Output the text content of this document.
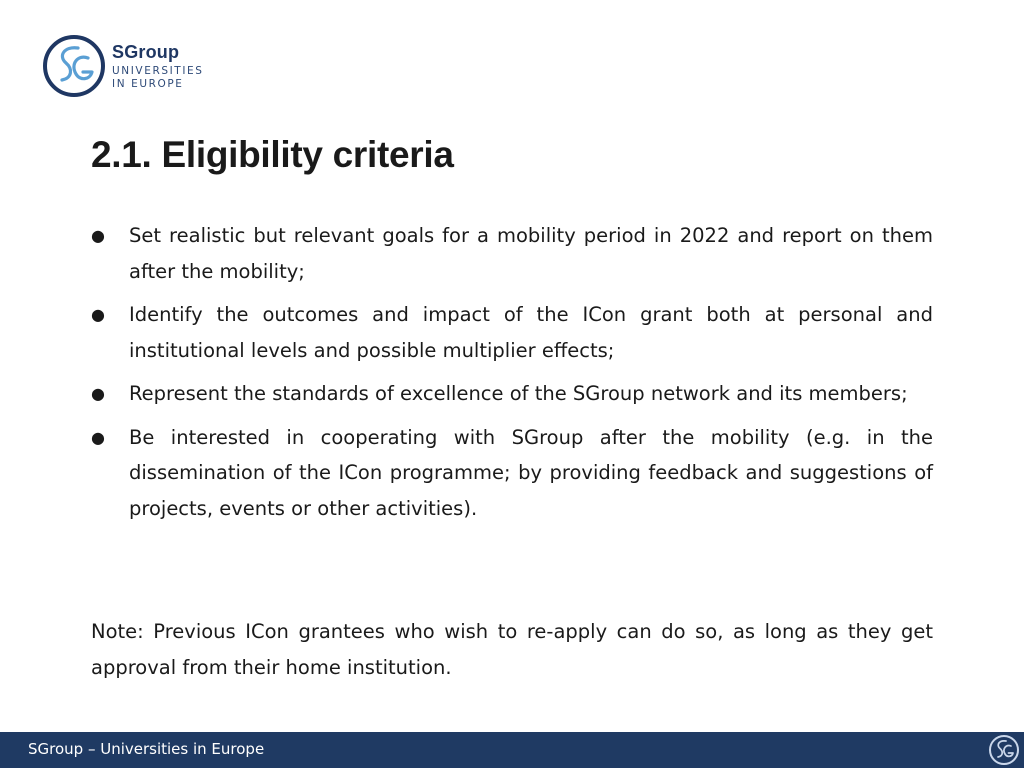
SGroup
UNIVERSITIES
IN EUROPE
2.1. Eligibility criteria
● Set realistic but relevant goals for a mobility period in 2022 and report on them after the mobility;
● Identify the outcomes and impact of the ICon grant both at personal and institutional levels and possible multiplier effects;
● Represent the standards of excellence of the SGroup network and its members;
● Be interested in cooperating with SGroup after the mobility (e.g. in the dissemination of the ICon programme; by providing feedback and suggestions of projects, events or other activities).

Note: Previous ICon grantees who wish to re-apply can do so, as long as they get approval from their home institution.

SGroup – Universities in Europe
